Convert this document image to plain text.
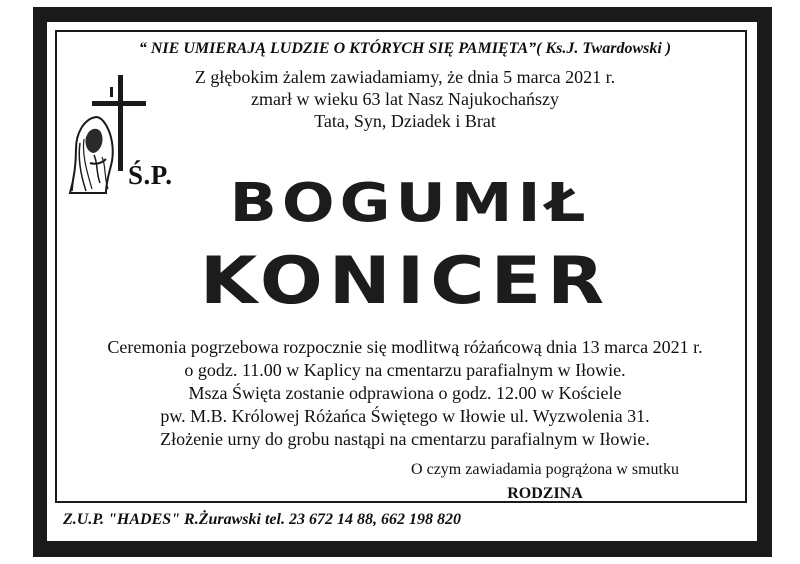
“ NIE UMIERAJĄ LUDZIE O KTÓRYCH SIĘ PAMIĘTA”( Ks.J. Twardowski )
Z głębokim żalem zawiadamiamy, że dnia 5 marca 2021 r.
zmarł w wieku 63 lat Nasz Najukochańszy
Tata, Syn, Dziadek i Brat
Ś.P. BOGUMIŁ
KONICER
Ceremonia pogrzebowa rozpocznie się modlitwą różańcową dnia 13 marca 2021 r.
o godz. 11.00 w Kaplicy na cmentarzu parafialnym w Iłowie.
Msza Święta zostanie odprawiona o godz. 12.00 w Kościele
pw. M.B. Królowej Różańca Świętego w Iłowie ul. Wyzwolenia 31.
Złożenie urny do grobu nastąpi na cmentarzu parafialnym w Iłowie.
O czym zawiadamia pogrążona w smutku
RODZINA
Z.U.P. "HADES" R.Żurawski tel. 23 672 14 88, 662 198 820
